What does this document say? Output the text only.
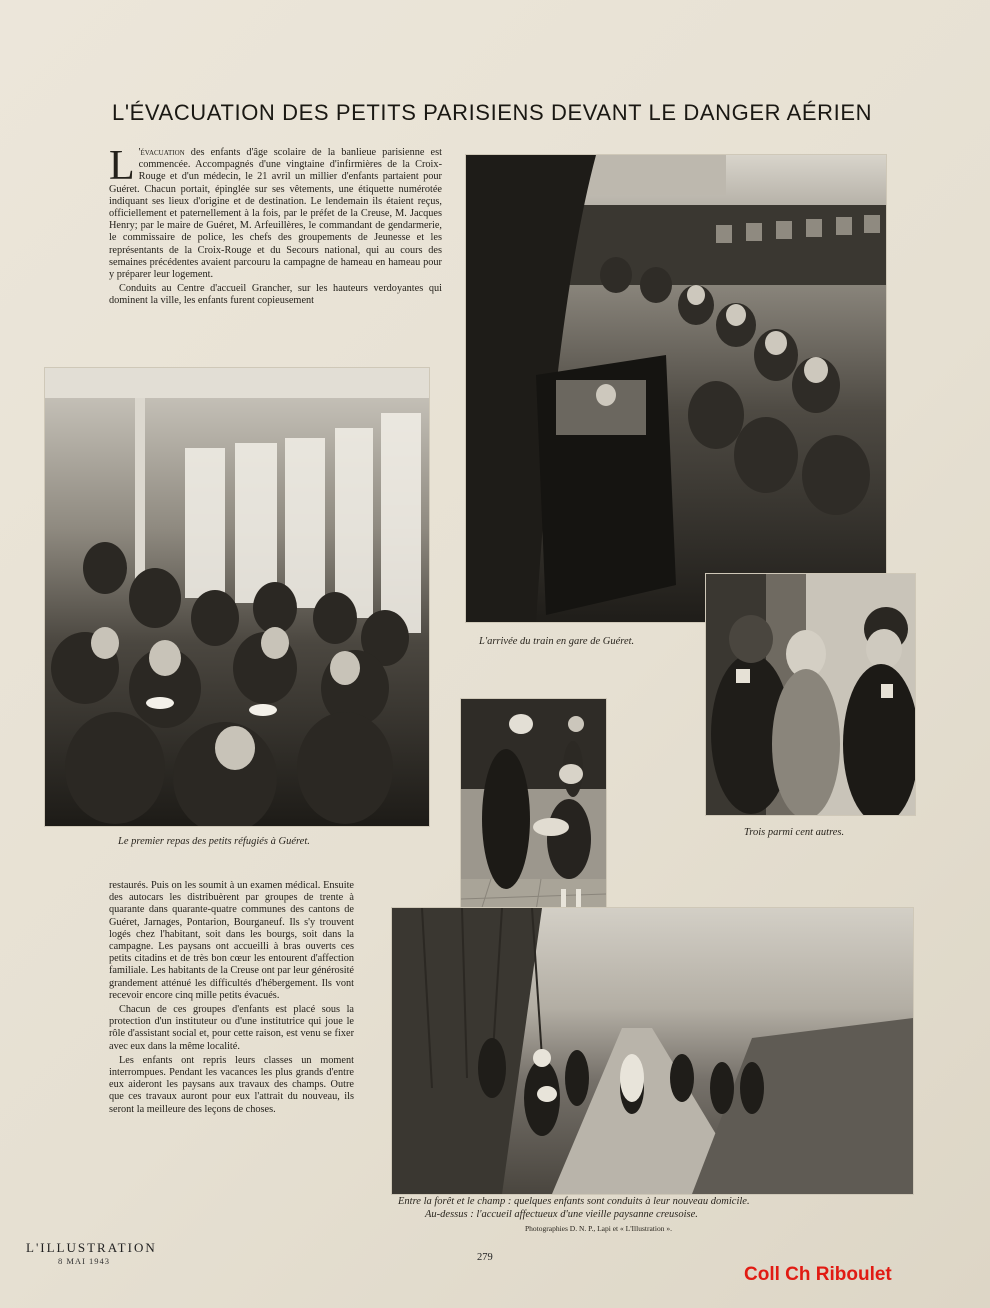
L'ÉVACUATION DES PETITS PARISIENS DEVANT LE DANGER AÉRIEN

L 'évacuation des enfants d'âge scolaire de la banlieue parisienne est commencée. Accompagnés d'une vingtaine d'infirmières de la Croix-Rouge et d'un médecin, le 21 avril un millier d'enfants partaient pour Guéret. Chacun portait, épinglée sur ses vêtements, une étiquette numérotée indiquant ses lieux d'origine et de destination. Le lendemain ils étaient reçus, officiellement et paternellement à la fois, par le préfet de la Creuse, M. Jacques Henry; par le maire de Guéret, M. Arfeuillères, le commandant de gendarmerie, le commissaire de police, les chefs des groupements de Jeunesse et les représentants de la Croix-Rouge et du Secours national, qui au cours des semaines précédentes avaient parcouru la campagne de hameau en hameau pour y préparer leur logement.

Conduits au Centre d'accueil Grancher, sur les hauteurs verdoyantes qui dominent la ville, les enfants furent copieusement

Le premier repas des petits réfugiés à Guéret.
L'arrivée du train en gare de Guéret.
Trois parmi cent autres.
Entre la forêt et le champ : quelques enfants sont conduits à leur nouveau domicile.
Au-dessus : l'accueil affectueux d'une vieille paysanne creusoise.
Photographies D. N. P., Lapi et « L'Illustration ».

restaurés. Puis on les soumit à un examen médical. Ensuite des autocars les distribuèrent par groupes de trente à quarante dans quarante-quatre communes des cantons de Guéret, Jarnages, Pontarion, Bourganeuf. Ils s'y trouvent logés chez l'habitant, soit dans les bourgs, soit dans la campagne. Les paysans ont accueilli à bras ouverts ces petits citadins et de très bon cœur les entourent d'affection familiale. Les habitants de la Creuse ont par leur générosité grandement atténué les difficultés d'hébergement. Ils vont recevoir encore cinq mille petits évacués.

Chacun de ces groupes d'enfants est placé sous la protection d'un instituteur ou d'une institutrice qui joue le rôle d'assistant social et, pour cette raison, est venu se fixer avec eux dans la même localité.

Les enfants ont repris leurs classes un moment interrompues. Pendant les vacances les plus grands d'entre eux aideront les paysans aux travaux des champs. Outre que ces travaux auront pour eux l'attrait du nouveau, ils seront la meilleure des leçons de choses.

L'ILLUSTRATION
8 MAI 1943	279
Coll Ch Riboulet
